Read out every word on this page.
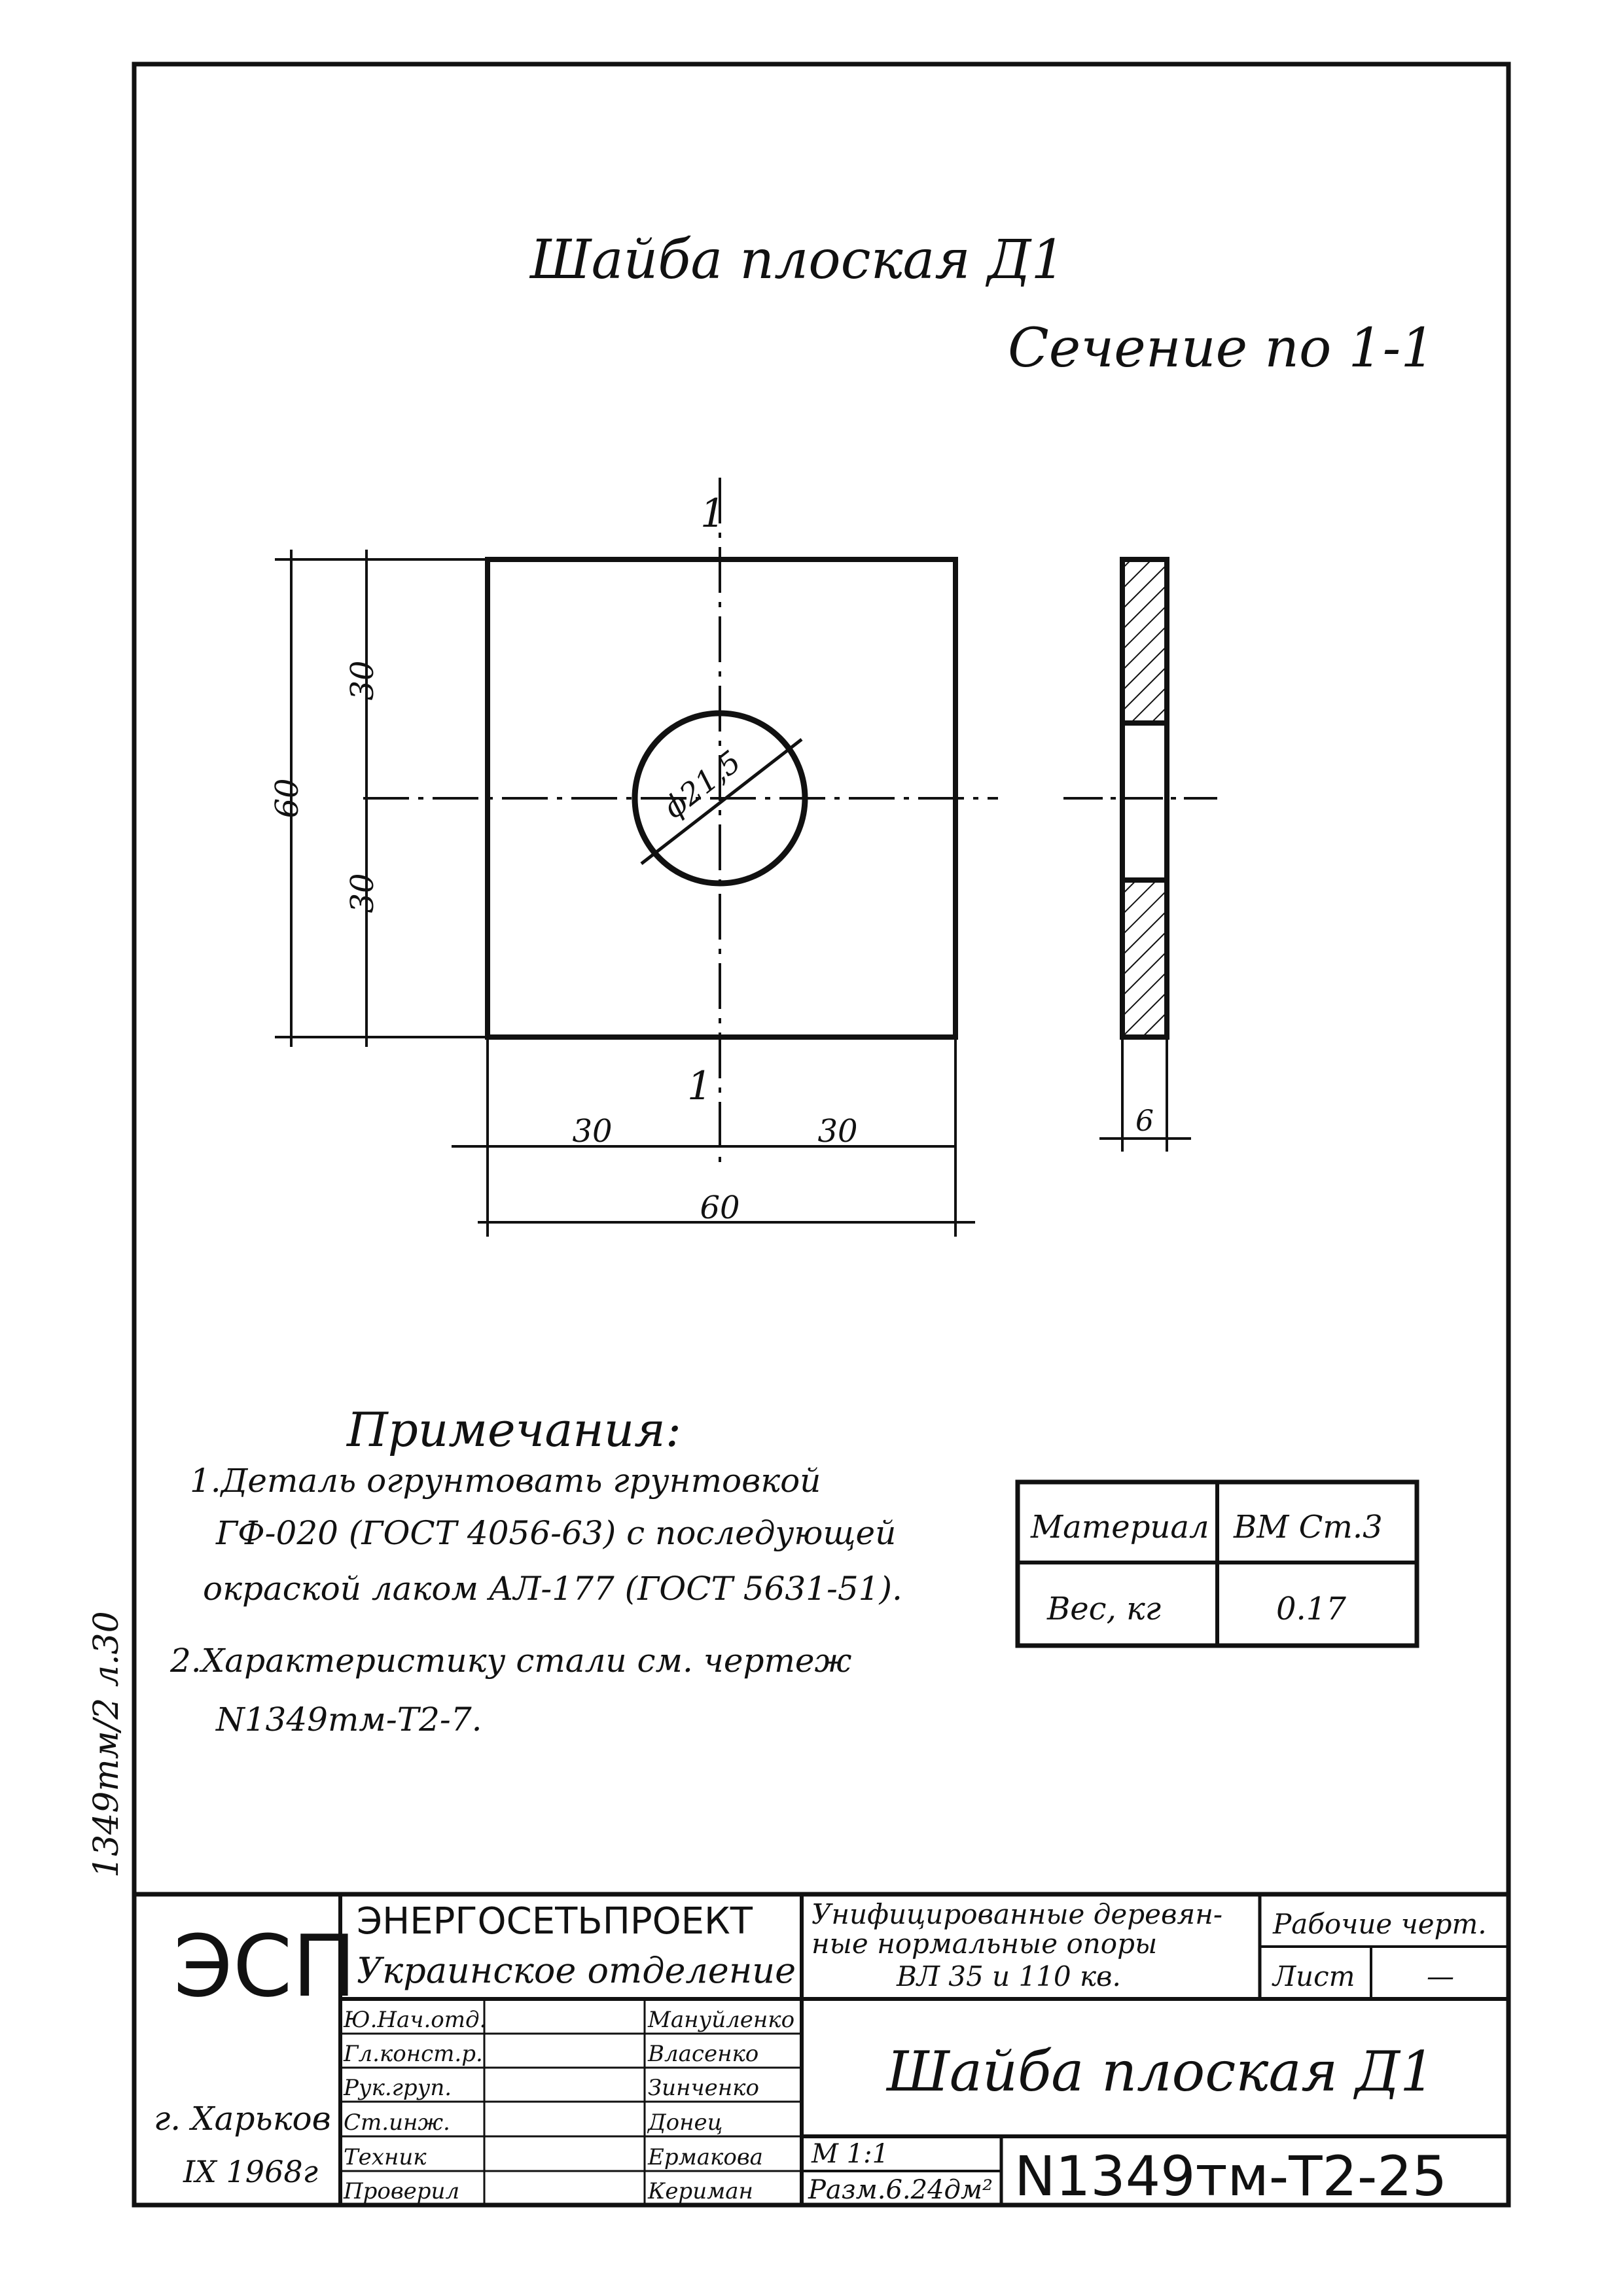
Шайба плоская Д1
Сечение по 1-1
ϕ21,5
1
1
60
30
30
30	30
60
6
Примечания:
1.Деталь огрунтовать грунтовкой
ГФ-020 (ГОСТ 4056-63) с последующей
окраской лаком АЛ-177 (ГОСТ 5631-51).
2.Характеристику стали см. чертеж
N1349тм-Т2-7.
Материал ВМ Ст.3
Вес, кг	0.17
1349тм/2 л.30
ЭСП
г. Харьков
IX 1968г
ЭНЕРГОСЕТЬПРОЕКТ
Украинское отделение
Унифицированные деревян-
ные нормальные опоры
ВЛ 35 и 110 кв.
Рабочие черт.
Лист	—
Шайба плоская Д1
М 1:1
Разм.6.24дм² N1349тм-Т2-25
Ю.Нач.отд.	Мануйленко
Гл.конст.р.	Власенко
Рук.груп.	Зинченко
Ст.инж.	Донец
Техник	Ермакова
Проверил	Кериман
